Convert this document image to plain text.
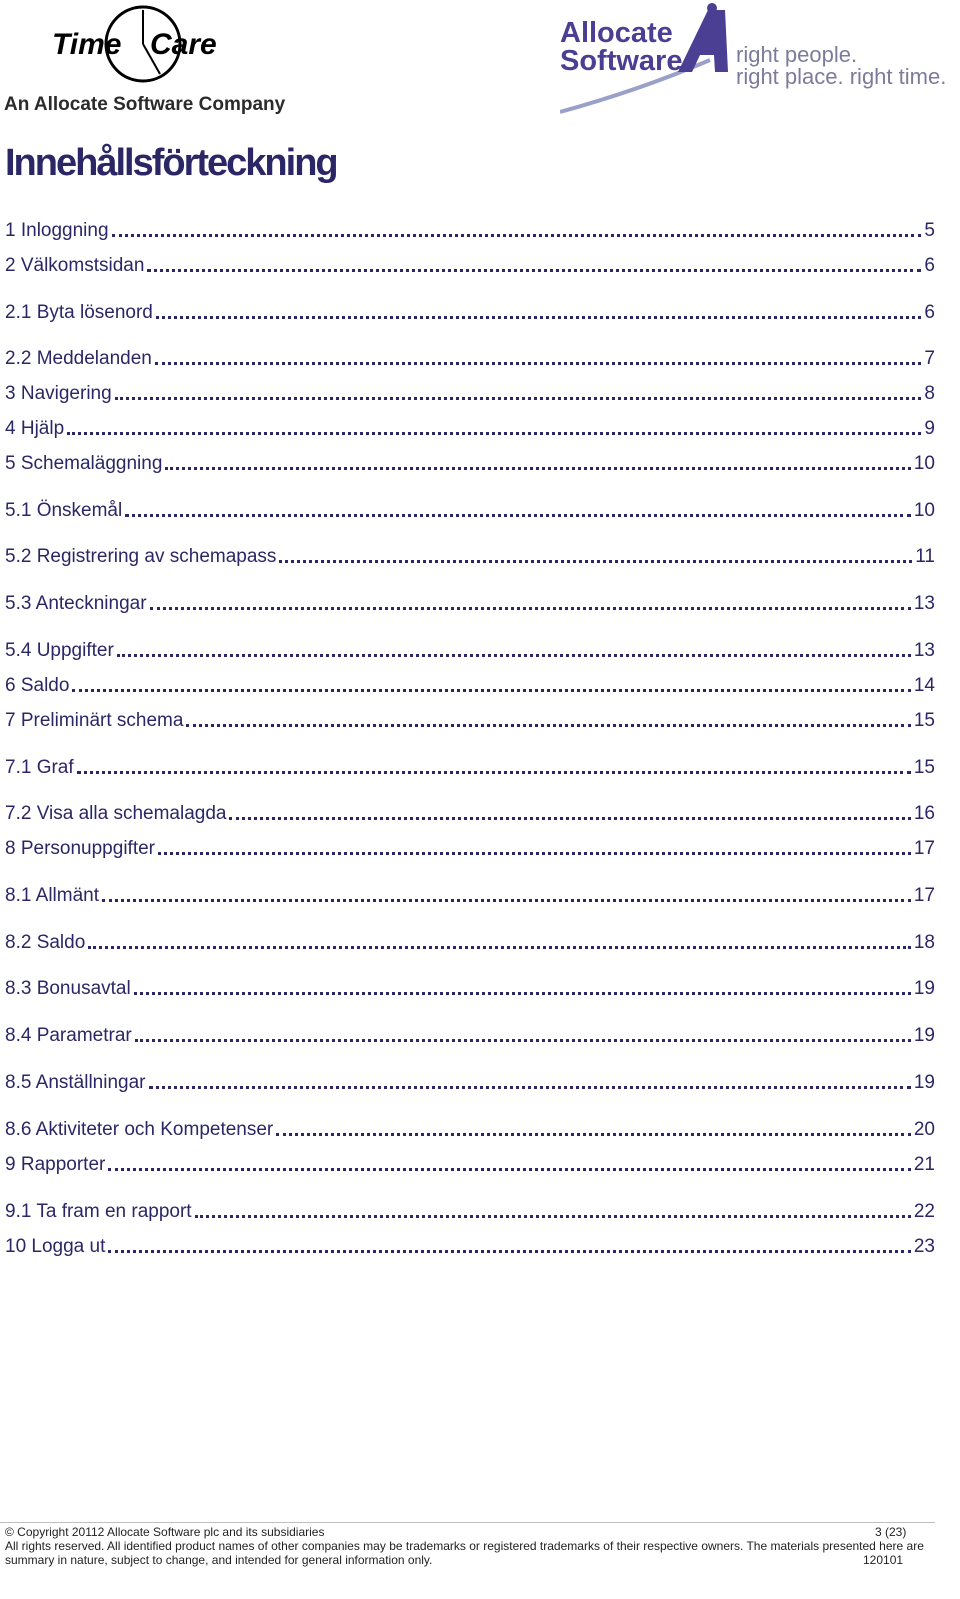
Time Care
An Allocate Software Company
Allocate
Software right people.
right place. right time.
Innehållsförteckning
1 Inloggning	5
2 Välkomstsidan	6
2.1 Byta lösenord	6
2.2 Meddelanden	7
3 Navigering	8
4 Hjälp	9
5 Schemaläggning	10
5.1 Önskemål	10
5.2 Registrering av schemapass	11
5.3 Anteckningar	13
5.4 Uppgifter	13
6 Saldo	14
7 Preliminärt schema	15
7.1 Graf	15
7.2 Visa alla schemalagda	16
8 Personuppgifter	17
8.1 Allmänt	17
8.2 Saldo	18
8.3 Bonusavtal	19
8.4 Parametrar	19
8.5 Anställningar	19
8.6 Aktiviteter och Kompetenser	20
9 Rapporter	21
9.1 Ta fram en rapport	22
10 Logga ut	23
© Copyright 20112 Allocate Software plc and its subsidiaries	3 (23)
All rights reserved. All identified product names of other companies may be trademarks or registered trademarks of their respective owners. The materials presented here are
summary in nature, subject to change, and intended for general information only.	120101
